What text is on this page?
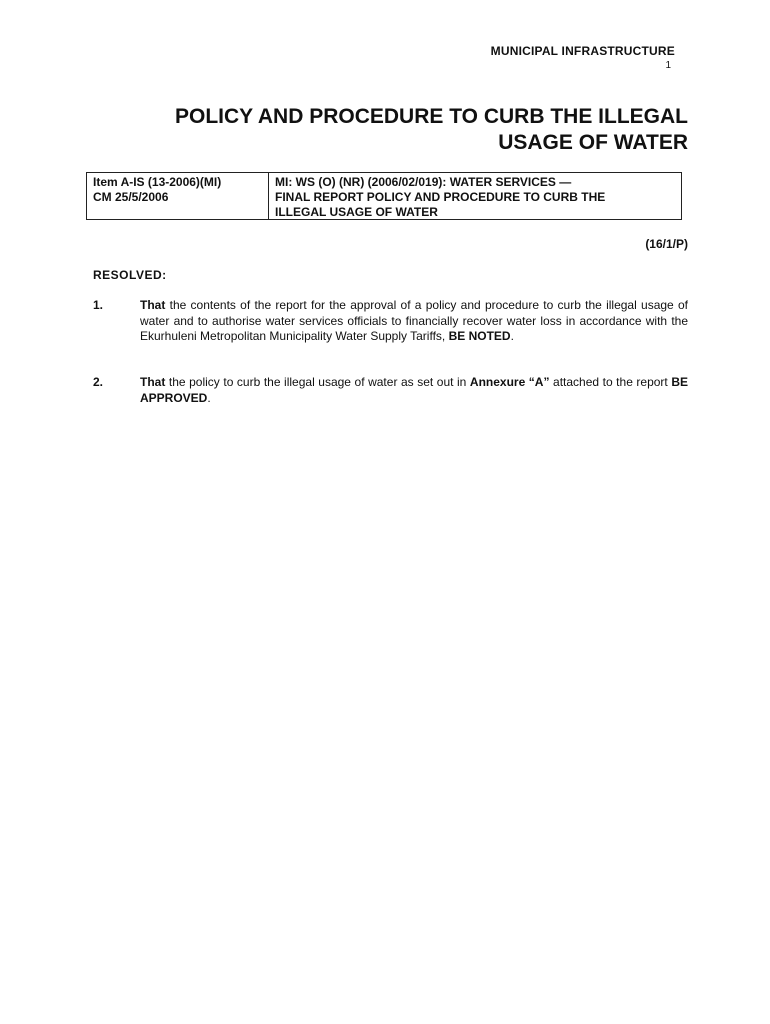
MUNICIPAL INFRASTRUCTURE
1
POLICY AND PROCEDURE TO CURB THE ILLEGAL
USAGE OF WATER
Item A-IS (13-2006)(MI)
CM 25/5/2006
MI: WS (O) (NR) (2006/02/019): WATER SERVICES —
FINAL REPORT POLICY AND PROCEDURE TO CURB THE
ILLEGAL USAGE OF WATER
(16/1/P)
RESOLVED:
1.	That the contents of the report for the approval of a policy and procedure to curb the illegal usage of water and to authorise water services officials to financially recover water loss in accordance with the Ekurhuleni Metropolitan Municipality Water Supply Tariffs, BE NOTED.
2.	That the policy to curb the illegal usage of water as set out in Annexure “A” attached to the report BE APPROVED.
